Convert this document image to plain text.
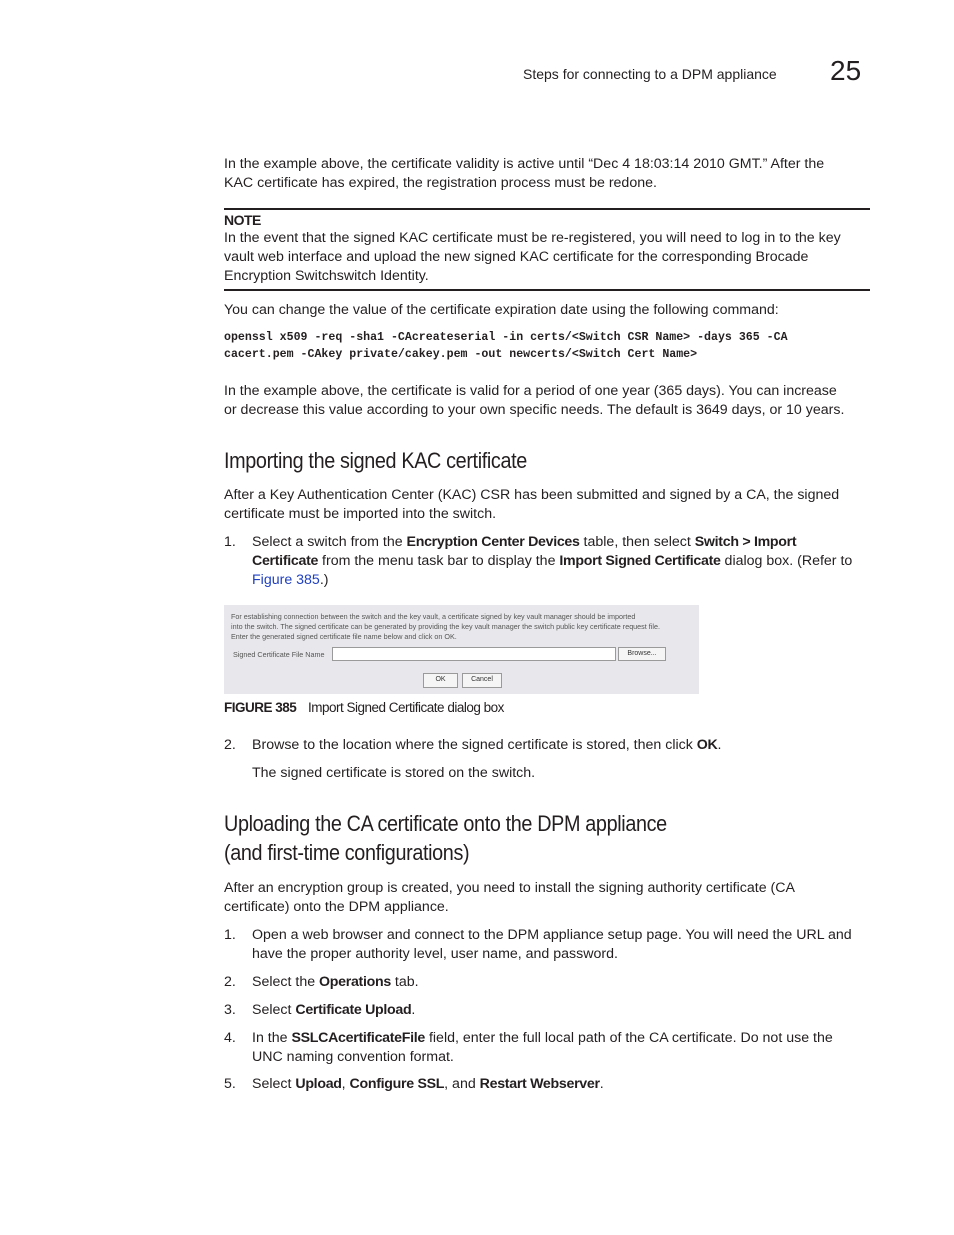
Steps for connecting to a DPM appliance 25
In the example above, the certificate validity is active until “Dec 4 18:03:14 2010 GMT.” After the
KAC certificate has expired, the registration process must be redone.
NOTE
In the event that the signed KAC certificate must be re-registered, you will need to log in to the key
vault web interface and upload the new signed KAC certificate for the corresponding Brocade
Encryption Switchswitch Identity.
You can change the value of the certificate expiration date using the following command:
openssl x509 -req -sha1 -CAcreateserial -in certs/<Switch CSR Name> -days 365 -CA
cacert.pem -CAkey private/cakey.pem -out newcerts/<Switch Cert Name>
In the example above, the certificate is valid for a period of one year (365 days). You can increase
or decrease this value according to your own specific needs. The default is 3649 days, or 10 years.
Importing the signed KAC certificate
After a Key Authentication Center (KAC) CSR has been submitted and signed by a CA, the signed
certificate must be imported into the switch.
1. Select a switch from the Encryption Center Devices table, then select Switch > Import
Certificate from the menu task bar to display the Import Signed Certificate dialog box. (Refer to
Figure 385.)
For establishing connection between the switch and the key vault, a certificate signed by key vault manager should be imported
into the switch. The signed certificate can be generated by providing the key vault manager the switch public key certificate request file.
Enter the generated signed certificate file name below and click on OK.
Signed Certificate File Name	Browse...
OK	Cancel
FIGURE 385 Import Signed Certificate dialog box
2. Browse to the location where the signed certificate is stored, then click OK.
The signed certificate is stored on the switch.
Uploading the CA certificate onto the DPM appliance
(and first-time configurations)
After an encryption group is created, you need to install the signing authority certificate (CA
certificate) onto the DPM appliance.
1. Open a web browser and connect to the DPM appliance setup page. You will need the URL and
have the proper authority level, user name, and password.
2. Select the Operations tab.
3. Select Certificate Upload.
4. In the SSLCAcertificateFile field, enter the full local path of the CA certificate. Do not use the
UNC naming convention format.
5. Select Upload, Configure SSL, and Restart Webserver.
